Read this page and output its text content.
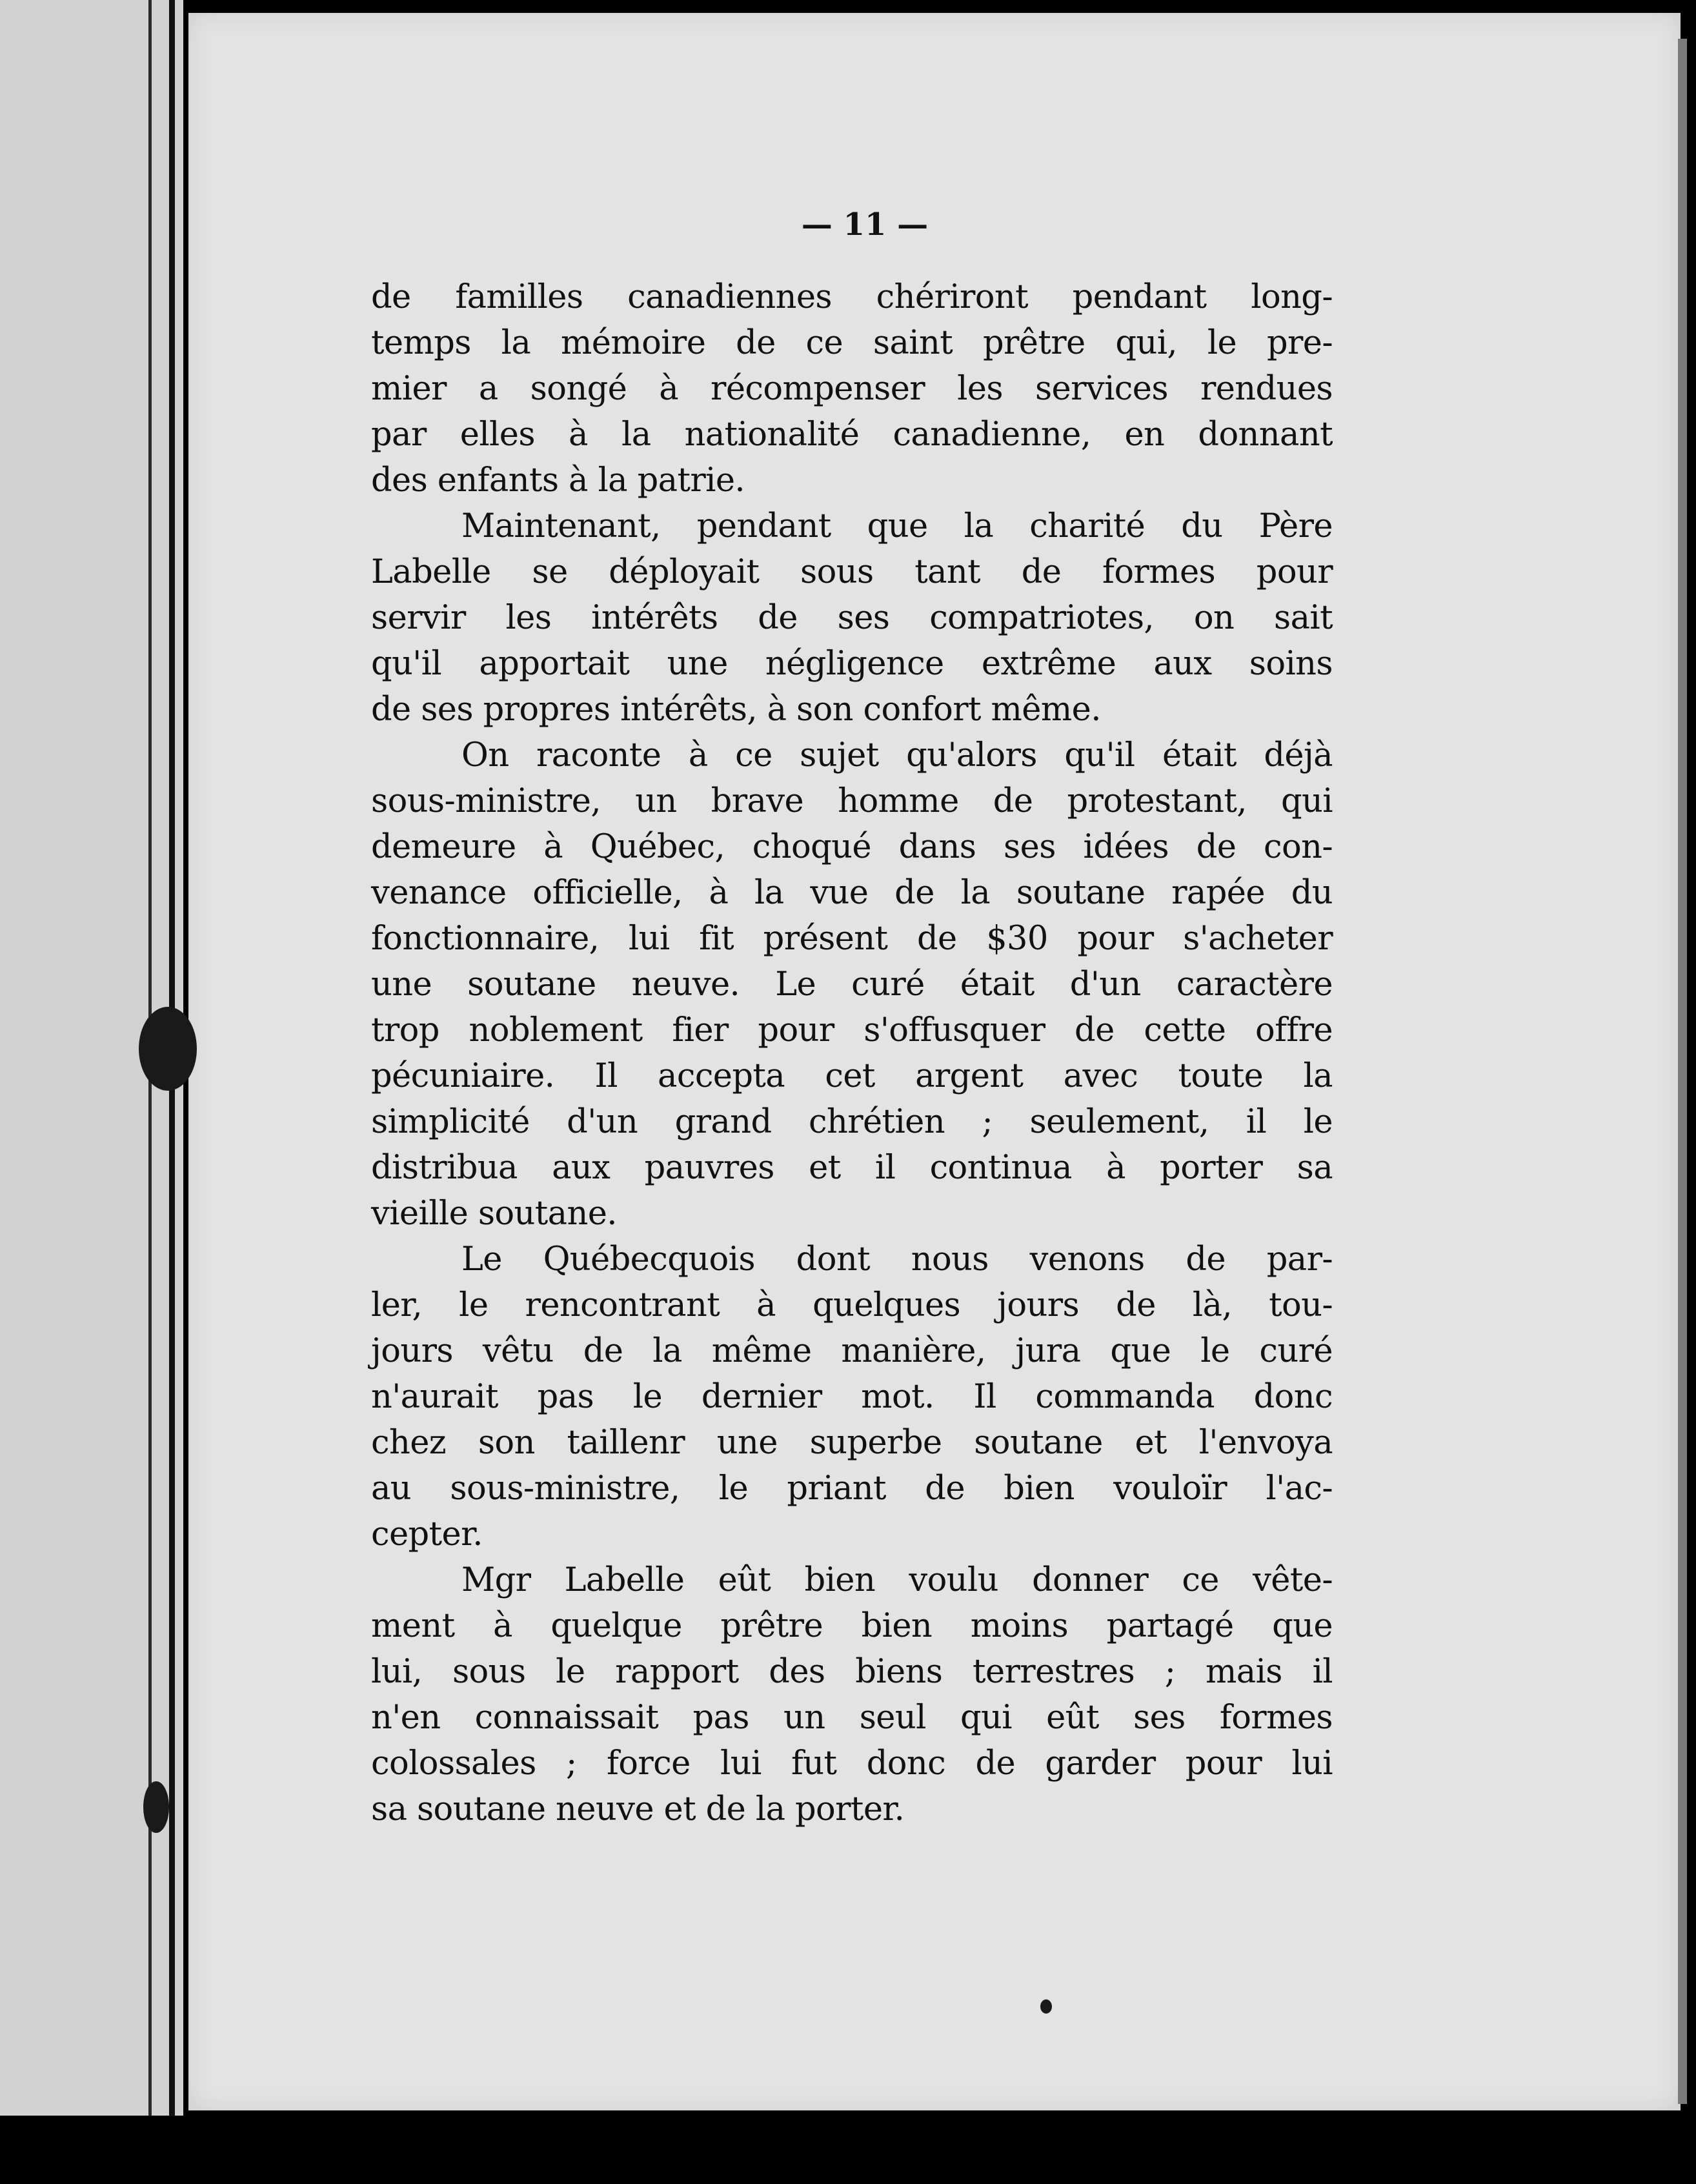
— 11 —
de familles canadiennes chériront pendant long-
temps la mémoire de ce saint prêtre qui, le pre-
mier a songé à récompenser les services rendues
par elles à la nationalité canadienne, en donnant
des enfants à la patrie.
Maintenant, pendant que la charité du Père
Labelle se déployait sous tant de formes pour
servir les intérêts de ses compatriotes, on sait
qu'il apportait une négligence extrême aux soins
de ses propres intérêts, à son confort même.
On raconte à ce sujet qu'alors qu'il était déjà
sous-ministre, un brave homme de protestant, qui
demeure à Québec, choqué dans ses idées de con-
venance officielle, à la vue de la soutane rapée du
fonctionnaire, lui fit présent de $30 pour s'acheter
une soutane neuve. Le curé était d'un caractère
trop noblement fier pour s'offusquer de cette offre
pécuniaire. Il accepta cet argent avec toute la
simplicité d'un grand chrétien ; seulement, il le
distribua aux pauvres et il continua à porter sa
vieille soutane.
Le Québecquois dont nous venons de par-
ler, le rencontrant à quelques jours de là, tou-
jours vêtu de la même manière, jura que le curé
n'aurait pas le dernier mot. Il commanda donc
chez son taillenr une superbe soutane et l'envoya
au sous-ministre, le priant de bien vouloïr l'ac-
cepter.
Mgr Labelle eût bien voulu donner ce vête-
ment à quelque prêtre bien moins partagé que
lui, sous le rapport des biens terrestres ; mais il
n'en connaissait pas un seul qui eût ses formes
colossales ; force lui fut donc de garder pour lui
sa soutane neuve et de la porter.
